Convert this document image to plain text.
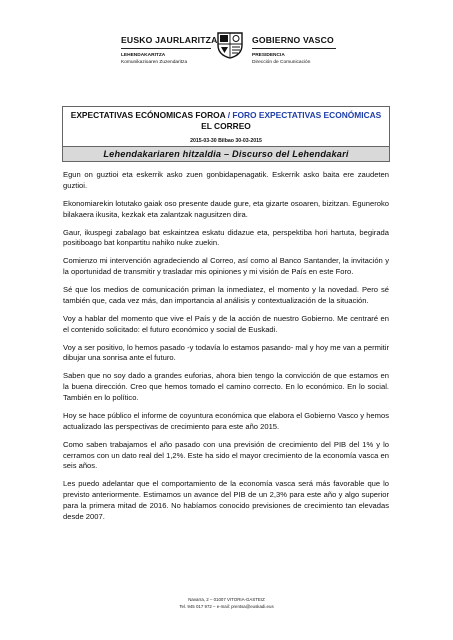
EUSKO JAURLARITZA	GOBIERNO VASCO
LEHENDAKARITZA
Komunikazioaren Zuzendaritza
PRESIDENCIA
Dirección de Comunicación
EXPECTATIVAS ECÓNOMICAS FOROA / FORO EXPECTATIVAS ECONÓMICAS
EL CORREO
2015-03-30 Bilbao 30-03-2015
Lehendakariaren hitzaldia – Discurso del Lehendakari

Egun on guztioi eta eskerrik asko zuen gonbidapenagatik. Eskerrik asko baita ere zaudeten guztioi.

Ekonomiarekin lotutako gaiak oso presente daude gure, eta gizarte osoaren, bizitzan. Eguneroko bilakaera ikusita, kezkak eta zalantzak nagusitzen dira.

Gaur, ikuspegi zabalago bat eskaintzea eskatu didazue eta, perspektiba hori hartuta, begirada positiboago bat konpartitu nahiko nuke zuekin.

Comienzo mi intervención agradeciendo al Correo, así como al Banco Santander, la invitación y la oportunidad de transmitir y trasladar mis opiniones y mi visión de País en este Foro.

Sé que los medios de comunicación priman la inmediatez, el momento y la novedad. Pero sé también que, cada vez más, dan importancia al análisis y contextualización de la situación.

Voy a hablar del momento que vive el País y de la acción de nuestro Gobierno. Me centraré en el contenido solicitado: el futuro económico y social de Euskadi.

Voy a ser positivo, lo hemos pasado -y todavía lo estamos pasando- mal y hoy me van a permitir dibujar una sonrisa ante el futuro.

Saben que no soy dado a grandes euforias, ahora bien tengo la convicción de que estamos en la buena dirección. Creo que hemos tomado el camino correcto. En lo económico. En lo social. También en lo político.

Hoy se hace público el informe de coyuntura económica que elabora el Gobierno Vasco y hemos actualizado las perspectivas de crecimiento para este año 2015.

Como saben trabajamos el año pasado con una previsión de crecimiento del PIB del 1% y lo cerramos con un dato real del 1,2%. Este ha sido el mayor crecimiento de la economía vasca en seis años.

Les puedo adelantar que el comportamiento de la economía vasca será más favorable que lo previsto anteriormente. Estimamos un avance del PIB de un 2,3% para este año y algo superior para la primera mitad de 2016. No habíamos conocido previsiones de crecimiento tan elevadas desde 2007.

Navarra, 2 – 01007 VITORIA-GASTEIZ
Tel. 945 017 972 – e-mail: prentsa@euskadi.eus
